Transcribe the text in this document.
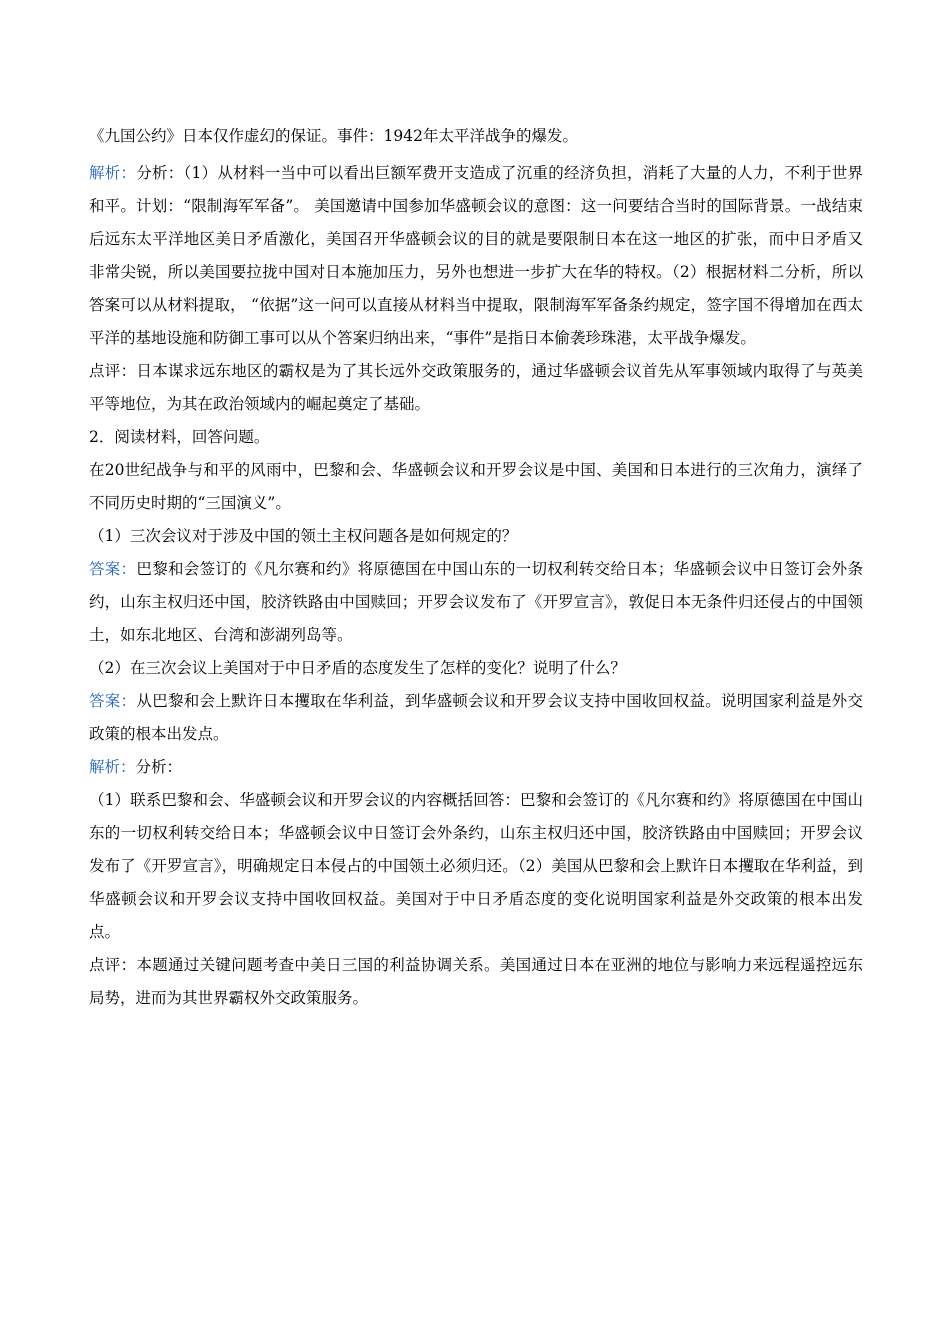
《九国公约》日本仅作虚幻的保证。事件：1942年太平洋战争的爆发。

解析：分析：（1）从材料一当中可以看出巨额军费开支造成了沉重的经济负担，消耗了大量的人力，不利于世界和平。计划：“限制海军军备”。 美国邀请中国参加华盛顿会议的意图：这一问要结合当时的国际背景。一战结束后远东太平洋地区美日矛盾激化，美国召开华盛顿会议的目的就是要限制日本在这一地区的扩张，而中日矛盾又非常尖锐，所以美国要拉拢中国对日本施加压力，另外也想进一步扩大在华的特权。（2）根据材料二分析，所以答案可以从材料提取， “依据”这一问可以直接从材料当中提取，限制海军军备条约规定，签字国不得增加在西太平洋的基地设施和防御工事可以从个答案归纳出来，“事件”是指日本偷袭珍珠港，太平战争爆发。

点评：日本谋求远东地区的霸权是为了其长远外交政策服务的，通过华盛顿会议首先从军事领域内取得了与英美平等地位，为其在政治领域内的崛起奠定了基础。

2．阅读材料，回答问题。

在20世纪战争与和平的风雨中，巴黎和会、华盛顿会议和开罗会议是中国、美国和日本进行的三次角力，演绎了不同历史时期的“三国演义”。

（1）三次会议对于涉及中国的领土主权问题各是如何规定的？

答案：巴黎和会签订的《凡尔赛和约》将原德国在中国山东的一切权利转交给日本；华盛顿会议中日签订会外条约，山东主权归还中国，胶济铁路由中国赎回；开罗会议发布了《开罗宣言》，敦促日本无条件归还侵占的中国领土，如东北地区、台湾和澎湖列岛等。

（2）在三次会议上美国对于中日矛盾的态度发生了怎样的变化？说明了什么？

答案：从巴黎和会上默许日本攫取在华利益，到华盛顿会议和开罗会议支持中国收回权益。说明国家利益是外交政策的根本出发点。

解析：分析：

（1）联系巴黎和会、华盛顿会议和开罗会议的内容概括回答：巴黎和会签订的《凡尔赛和约》将原德国在中国山东的一切权利转交给日本；华盛顿会议中日签订会外条约，山东主权归还中国，胶济铁路由中国赎回；开罗会议发布了《开罗宣言》，明确规定日本侵占的中国领土必须归还。（2）美国从巴黎和会上默许日本攫取在华利益，到华盛顿会议和开罗会议支持中国收回权益。美国对于中日矛盾态度的变化说明国家利益是外交政策的根本出发点。

点评：本题通过关键问题考查中美日三国的利益协调关系。美国通过日本在亚洲的地位与影响力来远程遥控远东局势，进而为其世界霸权外交政策服务。
